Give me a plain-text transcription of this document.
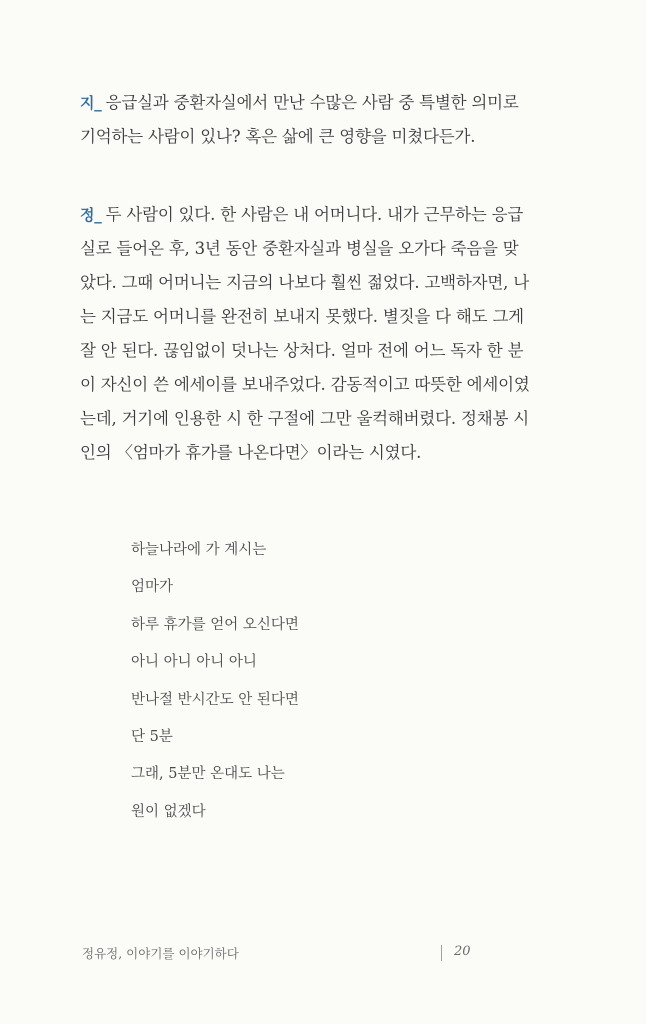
지_ 응급실과 중환자실에서 만난 수많은 사람 중 특별한 의미로
기억하는 사람이 있나? 혹은 삶에 큰 영향을 미쳤다든가.
정_ 두 사람이 있다. 한 사람은 내 어머니다. 내가 근무하는 응급
실로 들어온 후, 3년 동안 중환자실과 병실을 오가다 죽음을 맞
았다. 그때 어머니는 지금의 나보다 훨씬 젊었다. 고백하자면, 나
는 지금도 어머니를 완전히 보내지 못했다. 별짓을 다 해도 그게
잘 안 된다. 끊임없이 덧나는 상처다. 얼마 전에 어느 독자 한 분
이 자신이 쓴 에세이를 보내주었다. 감동적이고 따뜻한 에세이였
는데, 거기에 인용한 시 한 구절에 그만 울컥해버렸다. 정채봉 시
인의 〈엄마가 휴가를 나온다면〉이라는 시였다.
하늘나라에 가 계시는
엄마가
하루 휴가를 얻어 오신다면
아니 아니 아니 아니
반나절 반시간도 안 된다면
단 5분
그래, 5분만 온대도 나는
원이 없겠다
정유정, 이야기를 이야기하다	20
